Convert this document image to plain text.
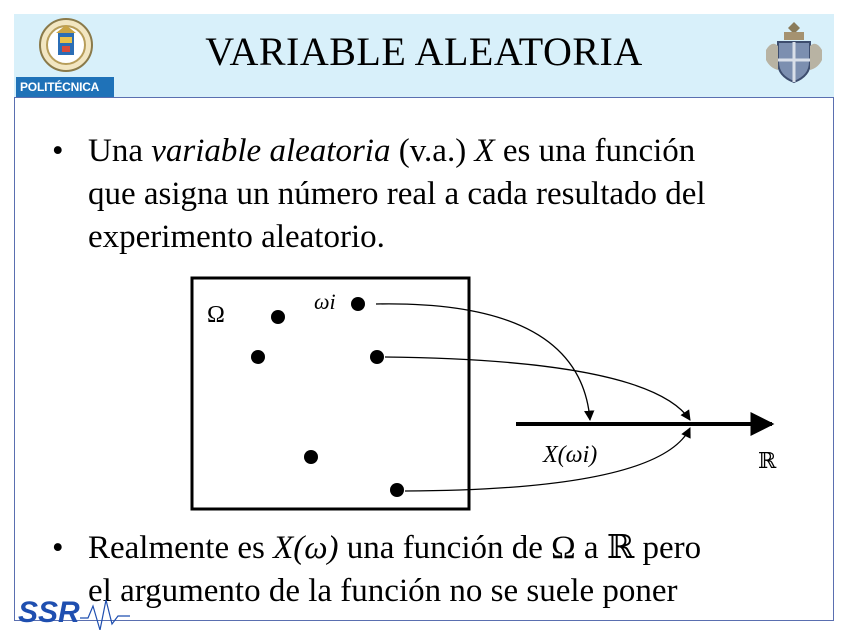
POLITÉCNICA
VARIABLE ALEATORIA
• Una variable aleatoria (v.a.) X es una función
que asigna un número real a cada resultado del
experimento aleatorio.
Ω
ωi
X(ωi)	ℝ
• Realmente es X(ω) una función de Ω a ℝ pero
el argumento de la función no se suele poner
SSR
